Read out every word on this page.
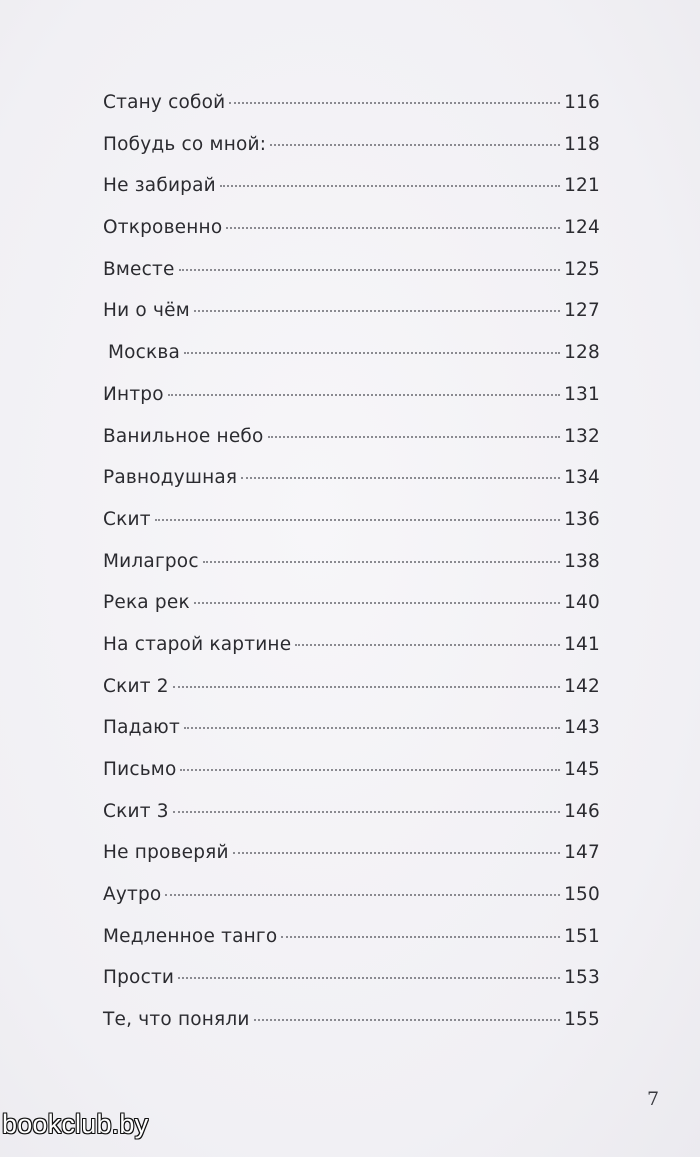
Стану собой	116
Побудь со мной:	118
Не забирай	121
Откровенно	124
Вместе	125
Ни о чём	127
Москва	128
Интро	131
Ванильное небо	132
Равнодушная	134
Скит	136
Милагрос	138
Река рек	140
На старой картине	141
Скит 2	142
Падают	143
Письмо	145
Скит 3	146
Не проверяй	147
Аутро	150
Медленное танго	151
Прости	153
Те, что поняли	155
7
bookclub.by
